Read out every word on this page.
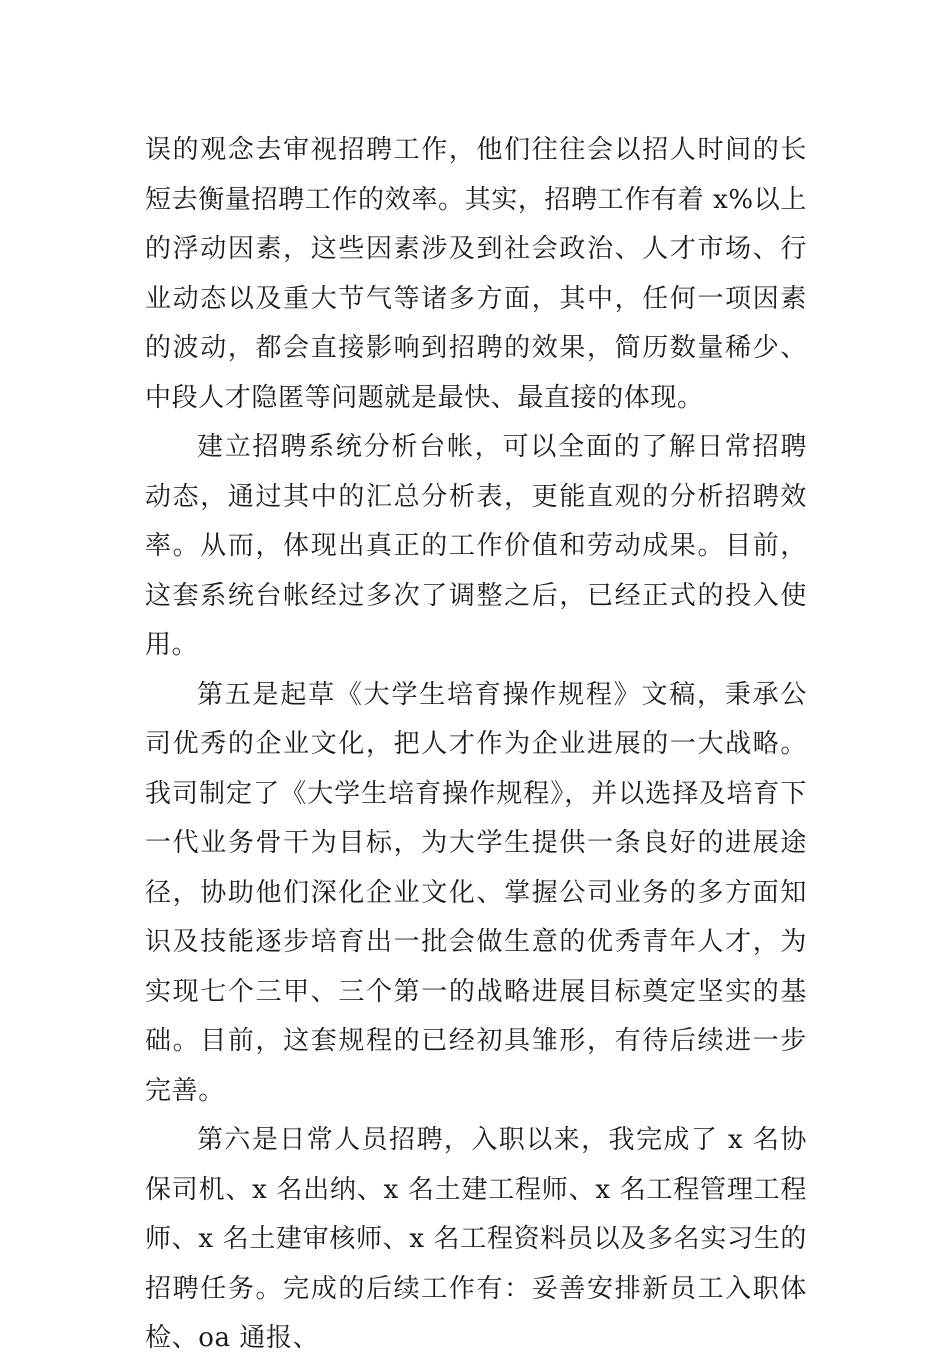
误的观念去审视招聘工作，他们往往会以招人时间的长短去衡量招聘工作的效率。其实，招聘工作有着 x%以上的浮动因素，这些因素涉及到社会政治、人才市场、行业动态以及重大节气等诸多方面，其中，任何一项因素的波动，都会直接影响到招聘的效果，简历数量稀少、中段人才隐匿等问题就是最快、最直接的体现。

建立招聘系统分析台帐，可以全面的了解日常招聘动态，通过其中的汇总分析表，更能直观的分析招聘效率。从而，体现出真正的工作价值和劳动成果。目前，这套系统台帐经过多次了调整之后，已经正式的投入使用。

第五是起草《大学生培育操作规程》文稿，秉承公司优秀的企业文化，把人才作为企业进展的一大战略。我司制定了《大学生培育操作规程》，并以选择及培育下一代业务骨干为目标，为大学生提供一条良好的进展途径，协助他们深化企业文化、掌握公司业务的多方面知识及技能逐步培育出一批会做生意的优秀青年人才，为实现七个三甲、三个第一的战略进展目标奠定坚实的基础。目前，这套规程的已经初具雏形，有待后续进一步完善。

第六是日常人员招聘，入职以来，我完成了 x 名协保司机、x 名出纳、x 名土建工程师、x 名工程管理工程师、x 名土建审核师、x 名工程资料员以及多名实习生的招聘任务。完成的后续工作有：妥善安排新员工入职体检、oa 通报、
